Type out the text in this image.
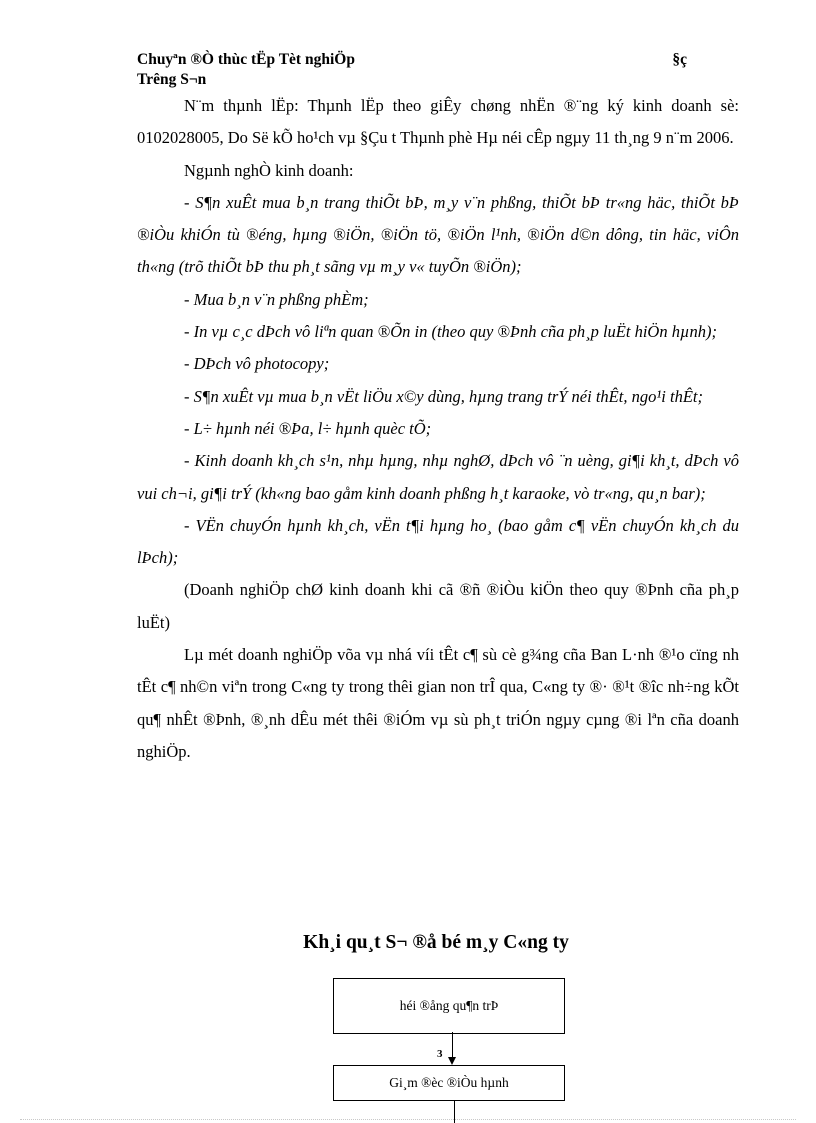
Chuyªn ®Ò thùc tËp Tèt nghiÖp	§ç
Trêng S¬n

N¨m thµnh lËp: Thµnh lËp theo giÊy chøng nhËn ®¨ng ký kinh doanh sè: 0102028005, Do Së kÕ ho¹ch vµ §Çu t Thµnh phè Hµ néi cÊp ngµy 11 th¸ng 9 n¨m 2006.

Ngµnh nghÒ kinh doanh:

- S¶n xuÊt mua b¸n trang thiÕt bÞ, m¸y v¨n phßng, thiÕt bÞ tr«ng häc, thiÕt bÞ ®iÒu khiÓn tù ®éng, hµng ®iÖn, ®iÖn tö, ®iÖn l¹nh, ®iÖn d©n dông, tin häc, viÔn th«ng (trõ thiÕt bÞ thu ph¸t sãng vµ m¸y v« tuyÕn ®iÖn);

- Mua b¸n v¨n phßng phÈm;

- In vµ c¸c dÞch vô liªn quan ®Õn in (theo quy ®Þnh cña ph¸p luËt hiÖn hµnh);

- DÞch vô photocopy;

- S¶n xuÊt vµ mua b¸n vËt liÖu x©y dùng, hµng trang trÝ néi thÊt, ngo¹i thÊt;

- L÷ hµnh néi ®Þa, l÷ hµnh quèc tÕ;

- Kinh doanh kh¸ch s¹n, nhµ hµng, nhµ nghØ, dÞch vô ¨n uèng, gi¶i kh¸t, dÞch vô vui ch¬i, gi¶i trÝ (kh«ng bao gåm kinh doanh phßng h¸t karaoke, vò tr«ng, qu¸n bar);

- VËn chuyÓn hµnh kh¸ch, vËn t¶i hµng ho¸ (bao gåm c¶ vËn chuyÓn kh¸ch du lÞch);

(Doanh nghiÖp chØ kinh doanh khi cã ®ñ ®iÒu kiÖn theo quy ®Þnh cña ph¸p luËt)

Lµ mét doanh nghiÖp võa vµ nhá víi tÊt c¶ sù cè g¾ng cña Ban L·nh ®¹o cïng nh tÊt c¶ nh©n viªn trong C«ng ty trong thêi gian non trÎ qua, C«ng ty ®· ®¹t ®îc nh÷ng kÕt qu¶ nhÊt ®Þnh, ®¸nh dÊu mét thêi ®iÓm vµ sù ph¸t triÓn ngµy cµng ®i lªn cña doanh nghiÖp.

Kh¸i qu¸t S¬ ®å bé m¸y C«ng ty
héi ®ång qu¶n trÞ
3
Gi¸m ®èc ®iÒu hµnh
